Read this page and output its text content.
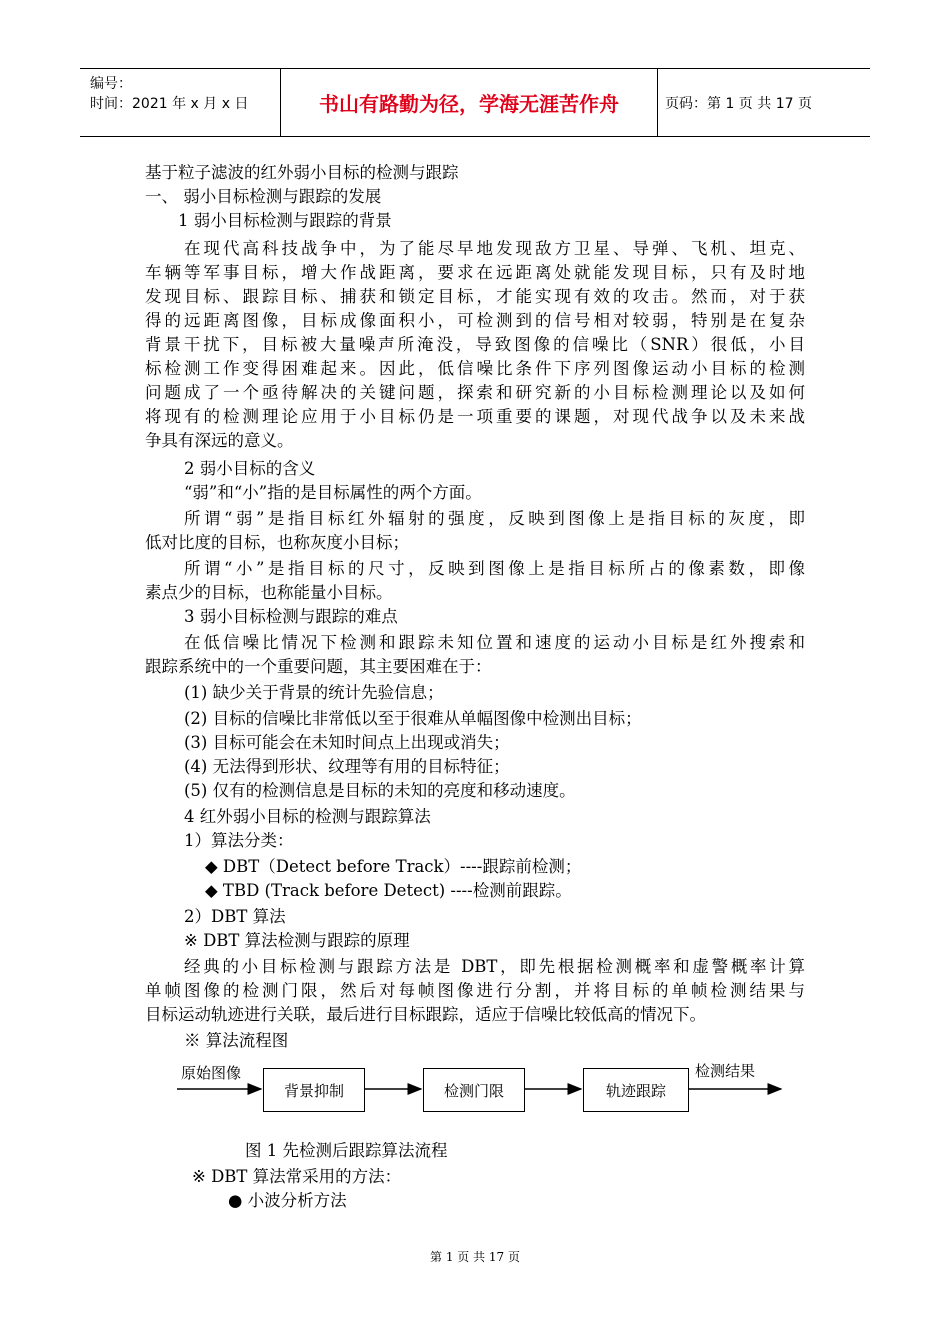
编号：
时间：2021 年 x 月 x 日	书山有路勤为径，学海无涯苦作舟	页码：第 1 页 共 17 页
基于粒子滤波的红外弱小目标的检测与跟踪
一、 弱小目标检测与跟踪的发展
1 弱小目标检测与跟踪的背景
在现代高科技战争中，为了能尽早地发现敌方卫星、导弹、飞机、坦克、
车辆等军事目标，增大作战距离，要求在远距离处就能发现目标，只有及时地
发现目标、跟踪目标、捕获和锁定目标，才能实现有效的攻击。然而，对于获
得的远距离图像，目标成像面积小，可检测到的信号相对较弱，特别是在复杂
背景干扰下，目标被大量噪声所淹没，导致图像的信噪比（SNR）很低，小目
标检测工作变得困难起来。因此，低信噪比条件下序列图像运动小目标的检测
问题成了一个亟待解决的关键问题，探索和研究新的小目标检测理论以及如何
将现有的检测理论应用于小目标仍是一项重要的课题，对现代战争以及未来战
争具有深远的意义。
2 弱小目标的含义
“弱”和“小”指的是目标属性的两个方面。
所谓“弱”是指目标红外辐射的强度，反映到图像上是指目标的灰度，即
低对比度的目标，也称灰度小目标；
所谓“小”是指目标的尺寸，反映到图像上是指目标所占的像素数，即像
素点少的目标，也称能量小目标。
3 弱小目标检测与跟踪的难点
在低信噪比情况下检测和跟踪未知位置和速度的运动小目标是红外搜索和
跟踪系统中的一个重要问题，其主要困难在于：
(1) 缺少关于背景的统计先验信息；
(2) 目标的信噪比非常低以至于很难从单幅图像中检测出目标；
(3) 目标可能会在未知时间点上出现或消失；
(4) 无法得到形状、纹理等有用的目标特征；
(5) 仅有的检测信息是目标的未知的亮度和移动速度。
4 红外弱小目标的检测与跟踪算法
1）算法分类：
◆ DBT（Detect before Track）----跟踪前检测；
◆ TBD (Track before Detect) ----检测前跟踪。
2）DBT 算法
※ DBT 算法检测与跟踪的原理
经典的小目标检测与跟踪方法是 DBT，即先根据检测概率和虚警概率计算
单帧图像的检测门限，然后对每帧图像进行分割，并将目标的单帧检测结果与
目标运动轨迹进行关联，最后进行目标跟踪，适应于信噪比较低高的情况下。
※ 算法流程图
原始图像
背景抑制	检测门限	轨迹跟踪
检测结果
图 1 先检测后跟踪算法流程
※ DBT 算法常采用的方法：
● 小波分析方法
第 1 页 共 17 页
